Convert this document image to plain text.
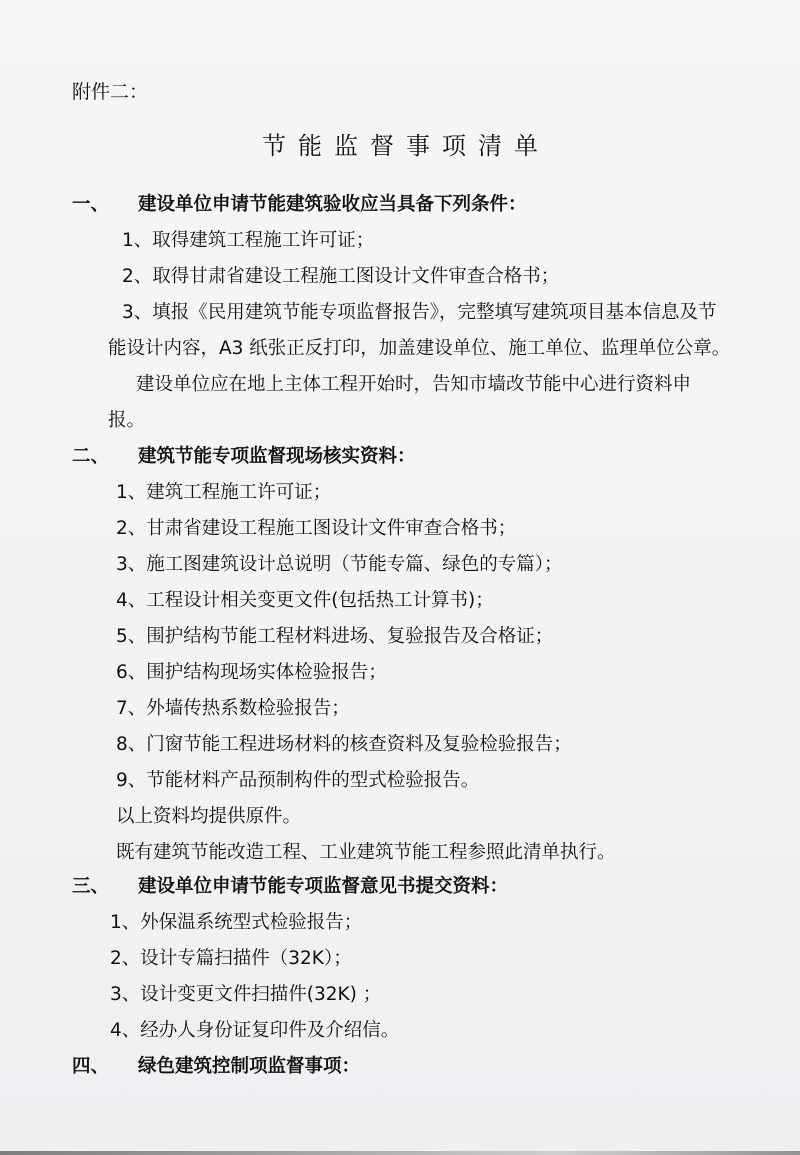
附件二：
节能监督事项清单
一、 建设单位申请节能建筑验收应当具备下列条件：
1、取得建筑工程施工许可证；
2、取得甘肃省建设工程施工图设计文件审查合格书；
3、填报《民用建筑节能专项监督报告》，完整填写建筑项目基本信息及节
能设计内容，A3 纸张正反打印，加盖建设单位、施工单位、监理单位公章。
建设单位应在地上主体工程开始时，告知市墙改节能中心进行资料申
报。
二、 建筑节能专项监督现场核实资料：
1、建筑工程施工许可证；
2、甘肃省建设工程施工图设计文件审查合格书；
3、施工图建筑设计总说明（节能专篇、绿色的专篇）；
4、工程设计相关变更文件(包括热工计算书)；
5、围护结构节能工程材料进场、复验报告及合格证；
6、围护结构现场实体检验报告；
7、外墙传热系数检验报告；
8、门窗节能工程进场材料的核查资料及复验检验报告；
9、节能材料产品预制构件的型式检验报告。
以上资料均提供原件。
既有建筑节能改造工程、工业建筑节能工程参照此清单执行。
三、 建设单位申请节能专项监督意见书提交资料：
1、外保温系统型式检验报告；
2、设计专篇扫描件（32K）；
3、设计变更文件扫描件(32K) ；
4、经办人身份证复印件及介绍信。
四、 绿色建筑控制项监督事项：
